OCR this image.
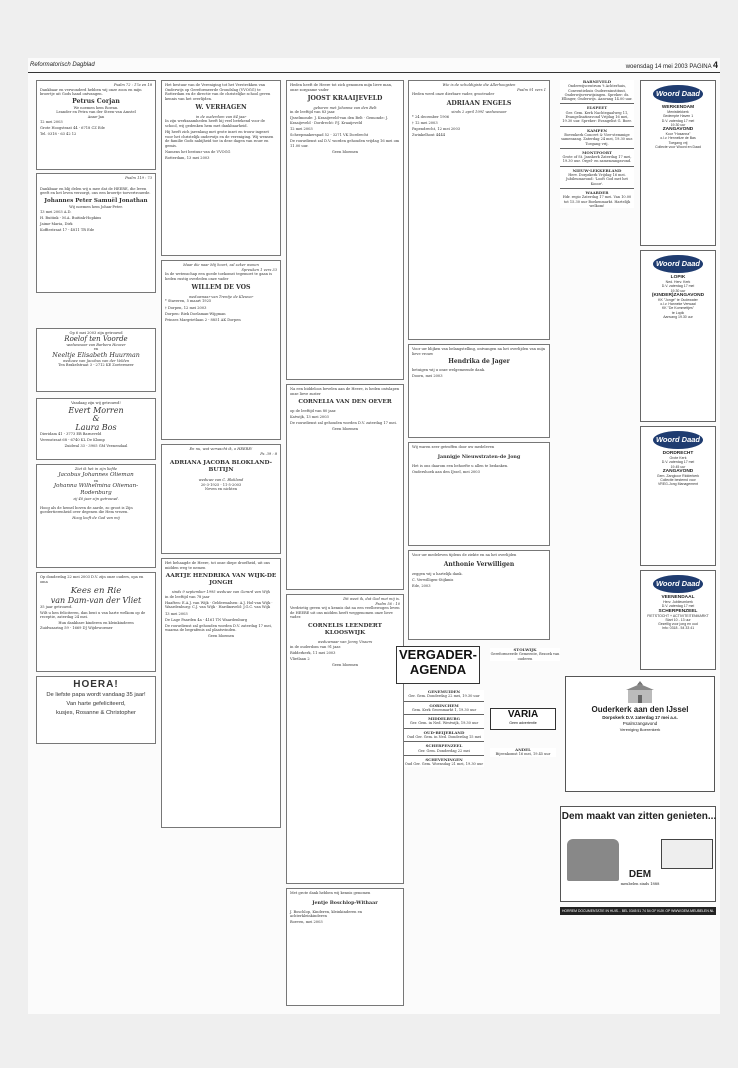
Reformatorisch Dagblad	woensdag 14 mei 2003 PAGINA 4
Psalm 72 : 17a en 18

Dankbaar en verwonderd hebben wij onze zoon en mijn broertje uit Gods hand ontvangen.

Petrus Corjan
We noemen hem Rowan.
Leander en Petra van der Steen-van Amstel
Anne-Jan

12 mei 2003

Grote Hoogstraat 44 - 6718 CZ Ede

Tel. 0318 - 63 42 12

Psalm 119 : 73

Dankbaar en blij delen wij u mee dat de HEERE, die leven geeft en het leven verzorgt, ons een broertje toevertrouwde.

Johannes Peter Samuël Jonathan
Wij noemen hem Johan-Peter.

13 mei 2003 A.D.

H. Buitink - M.A. Buitink-Hopkins

Jaime-Maria, Dirk

Koffiestraat 17 - 4811 TR Ede

Op 6 mei 2003 zijn getrouwd
Roelof ten Voorde
weduwnaar van Barbera Heuver
en
Neeltje Elisabeth Huurman
weduwe van Jacobus van der Velden
Ten Brakelstraat 3 - 2712 KE Zoetermeer
Vandaag zijn wij getrouwd!
Evert Morren
&
Laura Bos

Dieridam 41 - 3773 EB Barneveld

Verenstraat 68 - 6740 KL De Klomp

Zuidwal 33 - 3905 GM Veenendaal
Ziet ik het in zijn liefde
Jacobus Johannes Olieman
en
Johanna Wilhelmina Olieman-Rodenburg
zij 40 jaar zijn getrouwd.

Hoog als de hemel boven de aarde, zo groot is Zijn goedertierenheid over degenen die Hem vrezen.

Hoog leeft de God van mij

Op donderdag 22 mei 2003 D.V. zijn onze ouders, opa en oma

Kees en Rie
van Dam-van der Vliet

35 jaar getrouwd.

Wilt u hen feliciteren, dan bent u van harte welkom op de receptie, zaterdag 24 mei.

Hun dankbare kinderen en kleinkinderen

Zuidwaaring 59 - 1669 DJ Wijdewormer

HOERA!
De liefste papa wordt vandaag 35 jaar!
Van harte gefeliciteerd,
kusjes, Rosanne & Christopher

Het bestuur van de Vereniging tot het Verstrekken van Onderwijs op Gereformeerde Grondslag (VVOGG) te Rotterdam en de directie van de christelijke school geven kennis van het overlijden.

W. VERHAGEN
in de ouderdom van 84 jaar

In zijn werkzaamheden heeft hij veel betekend voor de school, wij gedenken hem met dankbaarheid.

Hij heeft zich jarenlang met grote inzet en trouw ingezet voor het christelijk onderwijs en de vereniging. Wij wensen de familie Gods nabijheid toe in deze dagen van rouw en gemis.

Namens het bestuur van de VVOGG

Rotterdam, 13 mei 2003

Maar die naar Mij hoort, zal zeker wonen
Spreuken 1 vers 33

In de wetenschap een goede toekomst tegemoet te gaan is heden rustig overleden onze vader

WILLEM DE VOS
weduwnaar van Trentje de Kleuver

* Staveren, 5 maart 1925

† Dorpen, 12 mei 2003

Dorpen: Riek Doelaman-Wijgman

Prinses Margrietlaan 2 - 8851 AK Dorpen

En nu, wat verwacht ik, o HEERE!
Ps. 39 : 8
ADRIANA JACOBA BLOKLAND-BUTIJN
weduwe van C. Blokland
20-3-1925 - 11-5-2003
Neven en nichten

Het behaagde de Heere, tot onze diepe droefheid, uit ons midden weg te nemen

AARTJE HENDRIKA VAN WIJK-DE JONGH
sinds 9 september 1995 weduwe van Gerard van Wijk

in de leeftijd van 78 jaar

Haaften: E.A.J. van Wijk · Geldermalsen: A.J. Hol-van Wijk · Waardenburg: C.J. van Wijk · Hardinxveld: J.G.C. van Wijk

13 mei 2003

De Lage Paarden 4a - 4161 TN Waardenburg

De rouwdienst zal gehouden worden D.V. zaterdag 17 mei, waarna de begrafenis zal plaatsvinden.

Geen bloemen

Heden heeft de Heere tot zich genomen mijn lieve man, onze zorgzame vader

JOOST KRAAIJEVELD
geboren met Johanna van den Belt

in de leeftijd van 83 jaar.

IJsselmonde: J. Kraaijeveld-van den Belt · Gemonde: J. Kraaijeveld · Dordrecht: P.J. Kraaijeveld

12 mei 2003

Scheepmakerspad 52 - 3271 VK Dordrecht

De rouwdienst zal D.V. worden gehouden vrijdag 16 mei om 11.00 uur.

Geen bloemen

Na een biddeloos bevelen aan de Heere, is heden ontslapen onze lieve zuster

CORNELIA VAN DEN OEVER

op de leeftijd van 80 jaar.

Katwijk, 13 mei 2003

De rouwdienst zal gehouden worden D.V. zaterdag 17 mei.

Geen bloemen
Dit weet ik, dat God met mij is.
Psalm 56 : 10

Verdrietig geven wij u kennis dat na een veelbewogen leven de HEERE uit ons midden heeft weggenomen onze lieve vader.

CORNELIS LEENDERT KLOOSWIJK
weduwnaar van Jenny Vissers

in de ouderdom van 91 jaar.

Ridderkerk, 11 mei 2003

Vlietlaan 2

Geen bloemen

Met grote dank hebben wij kennis genomen

Jentje Boschlop-Withaar

J. Boschlop, Kinderen, kleinkinderen en achterkleinkinderen

Boeven, mei 2003

Wie is de schuldigiste die Allerhoogsten
Psalm 91 vers 1

Heden werd onze dierbare vader, grootvader

ADRIAAN ENGELS
sinds 2 april 1991 weduwnaar

* 24 december 1906

† 12 mei 2003

Papendrecht, 12 mei 2003

Zwinkelhout 4444

Voor uw blijken van belangstelling, ontvangen na het overlijden van mijn lieve vrouw

Hendrika de Jager

betuigen wij u onze welgemeende dank.

Doorn, mei 2003

Wij waren zeer getroffen door uw medeleven

Jannigje Nieuwstraten-de Jong

Het is ons daarom een behoefte u allen te bedanken.

Oudershoek aan den IJssel, mei 2003

Voor uw medeleven tijdens de ziekte en na het overlijden

Anthonie Verwilligen

zeggen wij u hartelijk dank.

C. Verwilligen-Stijkmis

Ede, 2003

VERGADER-
AGENDA
GENEMUIDEN
Ger. Gem. Donderdag 22 mei, 19.30 uur
GORINCHEM
Gem. Kerk Groenmarkt 1, 19.30 uur
MIDDELBURG
Ger. Gem. in Ned. Westwijk, 19.30 uur
OUD-BEIJERLAND
Oud Ger. Gem. in Ned. Donderdag 15 mei
SCHERPENZEEL
Ger. Gem. Donderdag 22 mei
SCHEVENINGEN
Oud Ger. Gem. Woensdag 21 mei, 19.30 uur
STOLWIJK
Gereformeerde Gemeente, Bezoek van ouderen
VARIA
Geen advertentie
ANDEL
Bijeenkomst 16 mei, 19.45 uur
BARNEVELD
Onderwijscentrum 't Achterhuis, Conventiehuis Oudereninstituut, Onderwijsverwijzingen. Spreker: ds. Ellinger, Onderwijs. Aanvang 14.00 uur.
ELSPEET
Ger. Gem. Kerk Nachtegaalweg 11, Evangelisatieavond Vrijdag 16 mei, 19.30 uur. Spreker: Evangelist G. Boer.
KAMPEN
Bovenkerk Concert & Vier-stemmige samenzang. Zaterdag 24 mei, 19.30 uur. Toegang vrij.
MONTFOORT
Grote of St. Janskerk Zaterdag 17 mei, 19.30 uur. Orgel- en samenzangavond.
NIEUW-LEKKERLAND
Herv. Dorpskerk Vrijdag 16 mei. Jubileumavond: 'Looft God met het Kooor'.
WAARDER
Hdr. regio Zaterdag 17 mei. Van 10.00 tot 15.30 uur Boekenmarkt. Hartelijk welkom!
Ouderkerk aan den IJssel
Dorpskerk D.V. zaterdag 17 mei a.s.
Psalmzangavond
Vereniging Boerenkerk
Dem maakt van zitten genieten...
DEM
meubelen sinds 1888
HORREM DOCUMENTATIE IN HUIS... BEL 0345 51 74 54 OF KIJK OP WWW.DEM-MEUBELEN.NL
Woord Daad
WERKENDAM
Menistiekkerk
Gedempte Haven 1
D.V. zaterdag 17 mei
19.30 uur
ZANGAVOND
Koor "Hosanna"
o.l.v. Hennelize de Bas
Toegang vrij
Collecte voor Woord en Daad
Woord Daad
LOPIK
Ned. Herv. Kerk
D.V. zaterdag 17 mei
19.30 uur
(KINDER)ZANGAVOND
KK "Jonge" te Oudewater
o.l.v. Hanneke Verwaal
KK "De Kommettjes"
te Lopik
Aanvang 19.30 uur
Woord Daad
DORDRECHT
Grote Kerk
D.V. zaterdag 17 mei
19.45 uur
ZANGAVOND
Gem. Zangkoor Ridderkerk
Collectie bestemd voor
VREG-Jong Management
Woord Daad
VEENENDAAL
Herv. Jubileumkerk
D.V. zaterdag 17 mei
SCHERPENZEEL
FIETSTOCHT + ACTIVITEITENMARKT
Start 10 - 13 uur
Gezellig voor jong en oud
Info: 0318 - 54 33 41
